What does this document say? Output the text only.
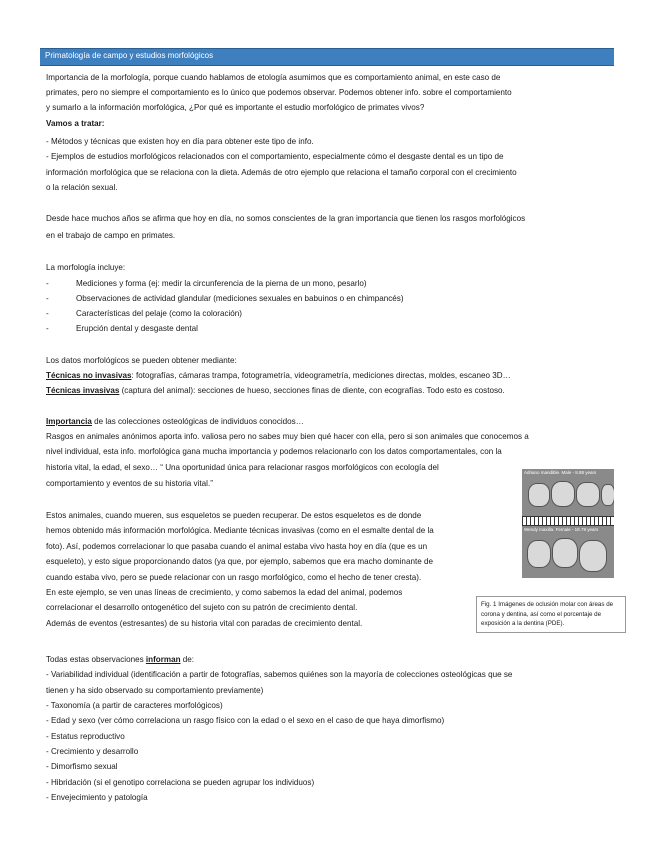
Primatología de campo y estudios morfológicos
Importancia de la morfología, porque cuando hablamos de etología asumimos que es comportamiento animal, en este caso de
primates, pero no siempre el comportamiento es lo único que podemos observar. Podemos obtener info. sobre el comportamiento
y sumarlo a la información morfológica, ¿Por qué es importante el estudio morfológico de primates vivos?
Vamos a tratar:
- Métodos y técnicas que existen hoy en día para obtener este tipo de info.
- Ejemplos de estudios morfológicos relacionados con el comportamiento, especialmente cómo el desgaste dental es un tipo de
información morfológica que se relaciona con la dieta. Además de otro ejemplo que relaciona el tamaño corporal con el crecimiento
o la relación sexual.
Desde hace muchos años se afirma que hoy en día, no somos conscientes de la gran importancia que tienen los rasgos morfológicos
en el trabajo de campo en primates.
La morfología incluye:
-	Mediciones y forma (ej: medir la circunferencia de la pierna de un mono, pesarlo)
-	Observaciones de actividad glandular (mediciones sexuales en babuinos o en chimpancés)
-	Características del pelaje (como la coloración)
-	Erupción dental y desgaste dental
Los datos morfológicos se pueden obtener mediante:
Técnicas no invasivas: fotografías, cámaras trampa, fotogrametría, videogrametría, mediciones directas, moldes, escaneo 3D…
Técnicas invasivas (captura del animal): secciones de hueso, secciones finas de diente, con ecografías. Todo esto es costoso.
Importancia de las colecciones osteológicas de individuos conocidos…
Rasgos en animales anónimos aporta info. valiosa pero no sabes muy bien qué hacer con ella, pero si son animales que conocemos a
nivel individual, esta info. morfológica gana mucha importancia y podemos relacionarlo con los datos comportamentales, con la
historia vital, la edad, el sexo… “ Una oportunidad única para relacionar rasgos morfológicos con ecología del
comportamiento y eventos de su historia vital.”
Estos animales, cuando mueren, sus esqueletos se pueden recuperar. De estos esqueletos es de donde
hemos obtenido más información morfológica. Mediante técnicas invasivas (como en el esmalte dental de la
foto). Así, podemos correlacionar lo que pasaba cuando el animal estaba vivo hasta hoy en día (que es un
esqueleto), y esto sigue proporcionando datos (ya que, por ejemplo, sabemos que era macho dominante de
cuando estaba vivo, pero se puede relacionar con un rasgo morfológico, como el hecho de tener cresta).
En este ejemplo, se ven unas líneas de crecimiento, y como sabemos la edad del animal, podemos
correlacionar el desarrollo ontogenético del sujeto con su patrón de crecimiento dental.
Además de eventos (estresantes) de su historia vital con paradas de crecimiento dental.
Adriano mandible. Male - 8.88 years
Wendy maxilla. Female - 18.79 years
Fig. 1 Imágenes de oclusión molar con áreas de corona y dentina, así como el porcentaje de exposición a la dentina (PDE).
Todas estas observaciones informan de:
- Variabilidad individual (identificación a partir de fotografías, sabemos quiénes son la mayoría de colecciones osteológicas que se
tienen y ha sido observado su comportamiento previamente)
- Taxonomía (a partir de caracteres morfológicos)
- Edad y sexo (ver cómo correlaciona un rasgo físico con la edad o el sexo en el caso de que haya dimorfismo)
- Estatus reproductivo
- Crecimiento y desarrollo
- Dimorfismo sexual
- Hibridación (si el genotipo correlaciona se pueden agrupar los individuos)
- Envejecimiento y patología
